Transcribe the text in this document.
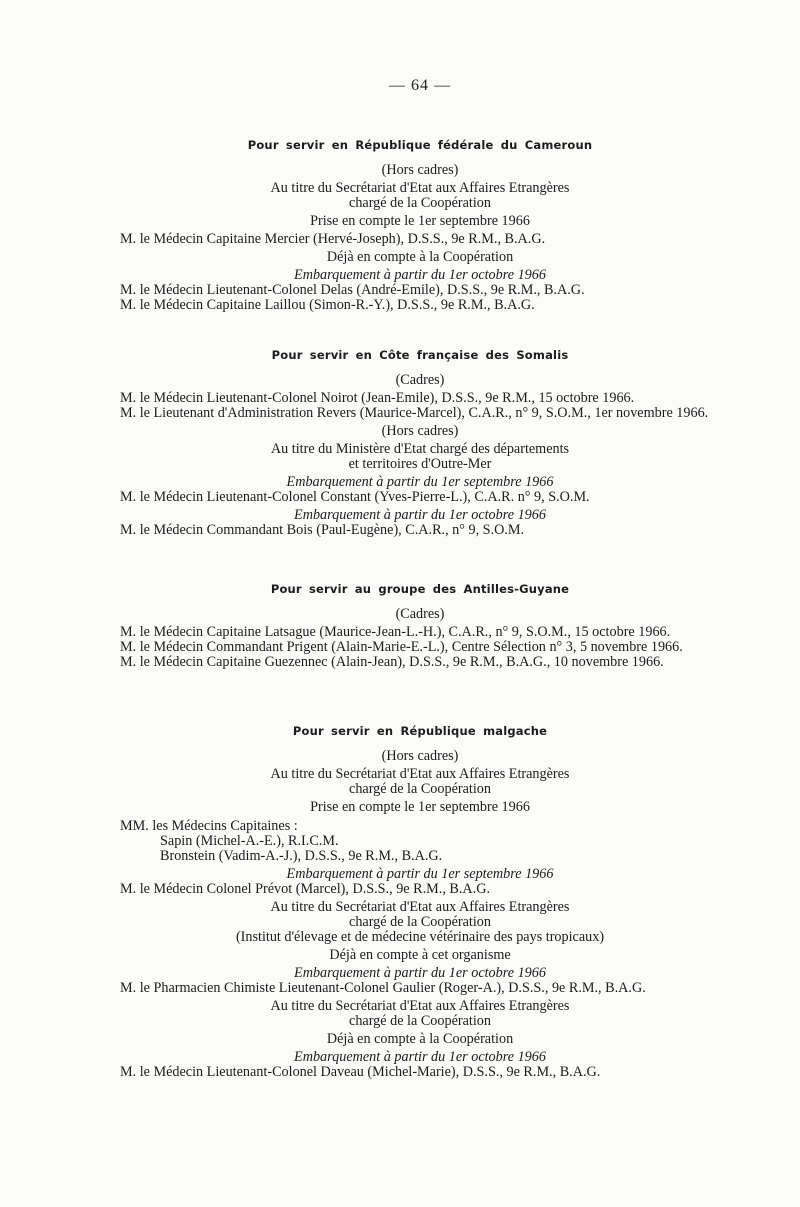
— 64 —
Pour servir en République fédérale du Cameroun
(Hors cadres)
Au titre du Secrétariat d'Etat aux Affaires Etrangères
chargé de la Coopération
Prise en compte le 1er septembre 1966
M. le Médecin Capitaine Mercier (Hervé-Joseph), D.S.S., 9e R.M., B.A.G.
Déjà en compte à la Coopération
Embarquement à partir du 1er octobre 1966
M. le Médecin Lieutenant-Colonel Delas (André-Emile), D.S.S., 9e R.M., B.A.G.
M. le Médecin Capitaine Laillou (Simon-R.-Y.), D.S.S., 9e R.M., B.A.G.
Pour servir en Côte française des Somalis
(Cadres)
M. le Médecin Lieutenant-Colonel Noirot (Jean-Emile), D.S.S., 9e R.M., 15 octobre 1966.
M. le Lieutenant d'Administration Revers (Maurice-Marcel), C.A.R., n° 9, S.O.M., 1er novembre 1966.
(Hors cadres)
Au titre du Ministère d'Etat chargé des départements
et territoires d'Outre-Mer
Embarquement à partir du 1er septembre 1966
M. le Médecin Lieutenant-Colonel Constant (Yves-Pierre-L.), C.A.R. n° 9, S.O.M.
Embarquement à partir du 1er octobre 1966
M. le Médecin Commandant Bois (Paul-Eugène), C.A.R., n° 9, S.O.M.
Pour servir au groupe des Antilles-Guyane
(Cadres)
M. le Médecin Capitaine Latsague (Maurice-Jean-L.-H.), C.A.R., n° 9, S.O.M., 15 octobre 1966.
M. le Médecin Commandant Prigent (Alain-Marie-E.-L.), Centre Sélection n° 3, 5 novembre 1966.
M. le Médecin Capitaine Guezennec (Alain-Jean), D.S.S., 9e R.M., B.A.G., 10 novembre 1966.
Pour servir en République malgache
(Hors cadres)
Au titre du Secrétariat d'Etat aux Affaires Etrangères
chargé de la Coopération
Prise en compte le 1er septembre 1966
MM. les Médecins Capitaines :
Sapin (Michel-A.-E.), R.I.C.M.
Bronstein (Vadim-A.-J.), D.S.S., 9e R.M., B.A.G.
Embarquement à partir du 1er septembre 1966
M. le Médecin Colonel Prévot (Marcel), D.S.S., 9e R.M., B.A.G.
Au titre du Secrétariat d'Etat aux Affaires Etrangères
chargé de la Coopération
(Institut d'élevage et de médecine vétérinaire des pays tropicaux)
Déjà en compte à cet organisme
Embarquement à partir du 1er octobre 1966
M. le Pharmacien Chimiste Lieutenant-Colonel Gaulier (Roger-A.), D.S.S., 9e R.M., B.A.G.
Au titre du Secrétariat d'Etat aux Affaires Etrangères
chargé de la Coopération
Déjà en compte à la Coopération
Embarquement à partir du 1er octobre 1966
M. le Médecin Lieutenant-Colonel Daveau (Michel-Marie), D.S.S., 9e R.M., B.A.G.
